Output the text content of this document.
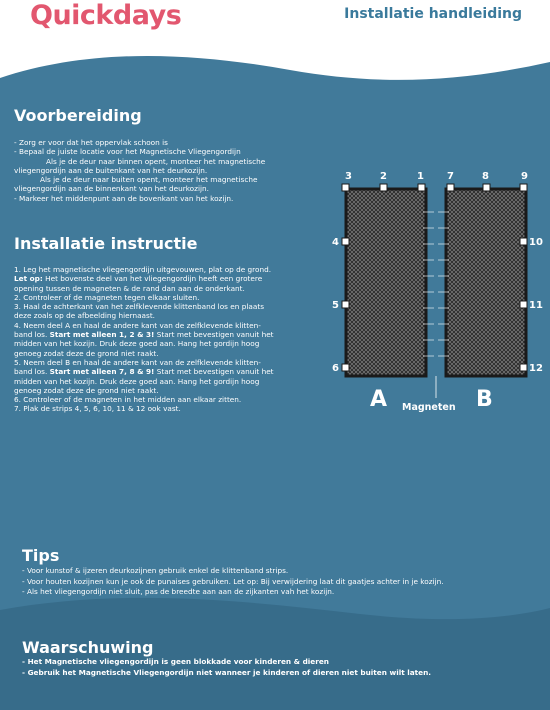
Quickdays	Installatie handleiding
Voorbereiding
- Zorg er voor dat het oppervlak schoon is
- Bepaal de juiste locatie voor het Magnetische Vliegengordijn
Als je de deur naar binnen opent, monteer het magnetische
vliegengordijn aan de buitenkant van het deurkozijn.
Als je de deur naar buiten opent, monteer het magnetische
vliegengordijn aan de binnenkant van het deurkozijn.
- Markeer het middenpunt aan de bovenkant van het kozijn.
Installatie instructie
1. Leg het magnetische vliegengordijn uitgevouwen, plat op de grond.
Let op: Het bovenste deel van het vliegengordijn heeft een grotere
opening tussen de magneten & de rand dan aan de onderkant.
2. Controleer of de magneten tegen elkaar sluiten.
3. Haal de achterkant van het zelfklevende klittenband los en plaats
deze zoals op de afbeelding hiernaast.
4. Neem deel A en haal de andere kant van de zelfklevende klitten-
band los. Start met alleen 1, 2 & 3! Start met bevestigen vanuit het
midden van het kozijn. Druk deze goed aan. Hang het gordijn hoog
genoeg zodat deze de grond niet raakt.
5. Neem deel B en haal de andere kant van de zelfklevende klitten-
band los. Start met alleen 7, 8 & 9! Start met bevestigen vanuit het
midden van het kozijn. Druk deze goed aan. Hang het gordijn hoog
genoeg zodat deze de grond niet raakt.
6. Controleer of de magneten in het midden aan elkaar zitten.
7. Plak de strips 4, 5, 6, 10, 11 & 12 ook vast.
3	2	1 7	8	9
4
5
6
10
11
12
A	B
Magneten
Tips
- Voor kunstof & ijzeren deurkozijnen gebruik enkel de klittenband strips.
- Voor houten kozijnen kun je ook de punaises gebruiken. Let op: Bij verwijdering laat dit gaatjes achter in je kozijn.
- Als het vliegengordijn niet sluit, pas de breedte aan aan de zijkanten vah het kozijn.
Waarschuwing
- Het Magnetische vliegengordijn is geen blokkade voor kinderen & dieren
- Gebruik het Magnetische Vliegengordijn niet wanneer je kinderen of dieren niet buiten wilt laten.
